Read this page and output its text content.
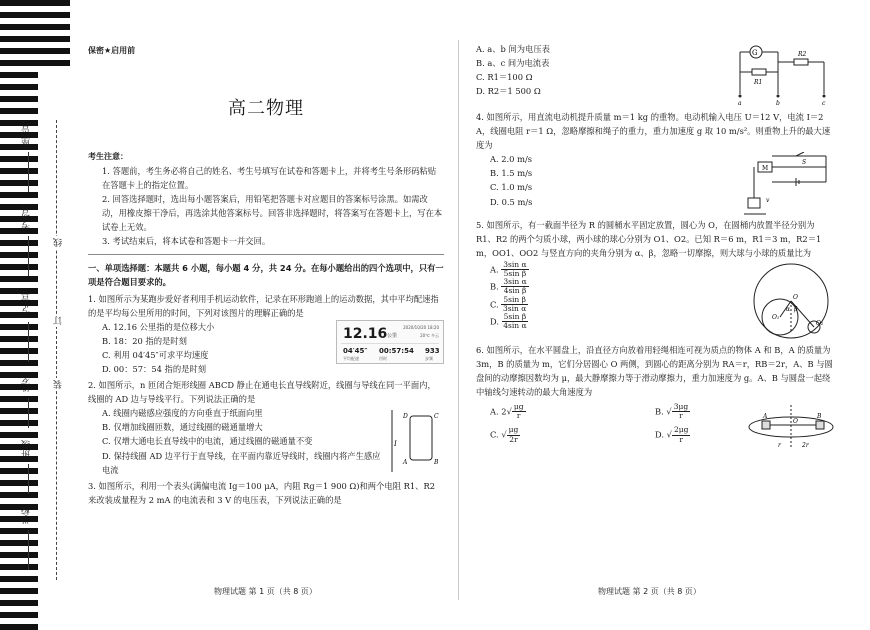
座位号
考场号
考生号
姓名
班级
学校
线
订
装
保密★启用前
高二物理
考生注意：

1. 答题前，考生务必将自己的姓名、考生号填写在试卷和答题卡上，并将考生号条形码粘贴在答题卡上的指定位置。

2. 回答选择题时，选出每小题答案后，用铅笔把答题卡对应题目的答案标号涂黑。如需改动，用橡皮擦干净后，再选涂其他答案标号。回答非选择题时，将答案写在答题卡上，写在本试卷上无效。

3. 考试结束后，将本试卷和答题卡一并交回。

一、单项选择题：本题共 6 小题，每小题 4 分，共 24 分。在每小题给出的四个选项中，只有一项是符合题目要求的。
1. 如图所示为某跑步爱好者利用手机运动软件，记录在环形跑道上的运动数据，其中平均配速指的是平均每公里所用的时间，下列对该图片的理解正确的是
A. 12.16 公里指的是位移大小
B. 18：20 指的是时刻
C. 利用 04′45″可求平均速度
D. 00：57：54 指的是时刻
12.16 公里
2020/10/20 18:20
20℃ 多云
04′45″ 00:57:54 933
平均配速	用时	步频
2. 如图所示，n 匝闭合矩形线圈 ABCD 静止在通电长直导线附近，线圈与导线在同一平面内，线圈的 AD 边与导线平行。下列说法正确的是
A. 线圈内磁感应强度的方向垂直于纸面向里
B. 仅增加线圈匝数，通过线圈的磁通量增大
C. 仅增大通电长直导线中的电流，通过线圈的磁通量不变
D. 保持线圈 AD 边平行于直导线，在平面内靠近导线时，线圈内将产生感应电流
I
D	C
A	B
3. 如图所示，利用一个表头(满偏电流 Ig＝100 μA，内阻 Rg＝1 900 Ω)和两个电阻 R1、R2 来改装成量程为 2 mA 的电流表和 3 V 的电压表，下列说法正确的是
物理试题 第 1 页（共 8 页）
A. a、b 间为电压表
B. a、c 间为电流表
C. R1＝100 Ω
D. R2＝1 500 Ω
G
R1
R2
a	b	c
4. 如图所示，用直流电动机提升质量 m＝1 kg 的重物。电动机输入电压 U＝12 V，电流 I＝2 A，线圈电阻 r＝1 Ω，忽略摩擦和绳子的重力，重力加速度 g 取 10 m/s²。则重物上升的最大速度为
A. 2.0 m/s
B. 1.5 m/s
C. 1.0 m/s
D. 0.5 m/s
M
S
v
5. 如图所示，有一截面半径为 R 的圆桶水平固定放置，圆心为 O，在圆桶内放置半径分别为 R1、R2 的两个匀质小球，两小球的球心分别为 O1、O2。已知 R＝6 m，R1＝3 m，R2＝1 m，OO1、OO2 与竖直方向的夹角分别为 α、β，忽略一切摩擦，则大球与小球的质量比为
A. $\frac{\text{3sin α}}{\text{5sin β}}$
B. $\frac{\text{3sin α}}{\text{4sin β}}$
C. $\frac{\text{5sin β}}{\text{3sin α}}$
D. $\frac{\text{5sin β}}{\text{4sin α}}$
O
O₁
O₂
α β
6. 如图所示，在水平圆盘上，沿直径方向放着用轻绳相连可视为质点的物体 A 和 B，A 的质量为 3m，B 的质量为 m，它们分居圆心 O 两侧，到圆心的距离分别为 RA＝r，RB＝2r，A、B 与圆盘间的动摩擦因数均为 μ，最大静摩擦力等于滑动摩擦力，重力加速度为 g。A、B 与圆盘一起绕中轴线匀速转动的最大角速度为
A. $2√ \frac{\mu g}{r}$	B. √ $\frac{3\mu g}{r}$
C. √ $\frac{\mu g}{2r}$	D. √ $\frac{2\mu g}{r}$
A	B
O
r	2r
物理试题 第 2 页（共 8 页）
